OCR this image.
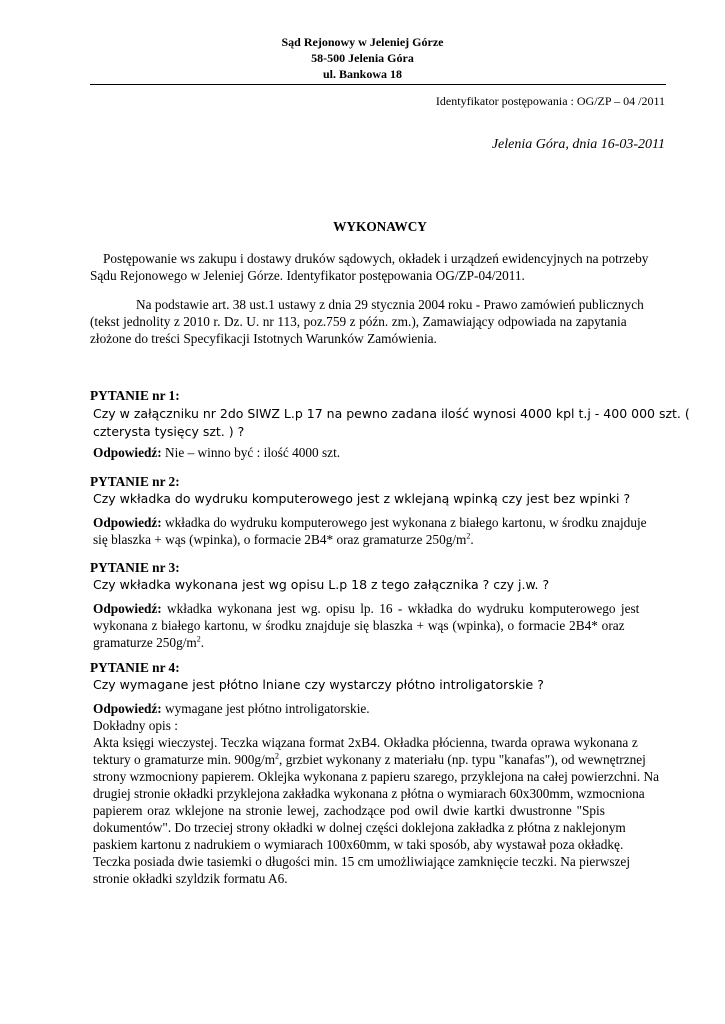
Sąd Rejonowy w Jeleniej Górze
58-500 Jelenia Góra
ul. Bankowa 18
Identyfikator postępowania : OG/ZP – 04 /2011
Jelenia Góra, dnia 16-03-2011
WYKONAWCY
Postępowanie ws zakupu i dostawy druków sądowych, okładek i urządzeń ewidencyjnych na potrzeby
Sądu Rejonowego w Jeleniej Górze. Identyfikator postępowania OG/ZP-04/2011.
Na podstawie art. 38 ust.1 ustawy z dnia 29 stycznia 2004 roku - Prawo zamówień publicznych
(tekst jednolity z 2010 r. Dz. U. nr 113, poz.759 z późn. zm.), Zamawiający odpowiada na zapytania
złożone do treści Specyfikacji Istotnych Warunków Zamówienia.
PYTANIE nr 1:
Czy w załączniku nr 2do SIWZ L.p 17 na pewno zadana ilość wynosi 4000 kpl t.j - 400 000 szt. (
czterysta tysięcy szt. ) ?
Odpowiedź: Nie – winno być : ilość 4000 szt.
PYTANIE nr 2:
Czy wkładka do wydruku komputerowego jest z wklejaną wpinką czy jest bez wpinki ?
Odpowiedź: wkładka do wydruku komputerowego jest wykonana z białego kartonu, w środku znajduje
się blaszka + wąs (wpinka), o formacie 2B4* oraz gramaturze $250g/m^2$.
PYTANIE nr 3:
Czy wkładka wykonana jest wg opisu L.p 18 z tego załącznika ? czy j.w. ?
Odpowiedź: wkładka wykonana jest wg. opisu lp. 16 - wkładka do wydruku komputerowego jest
wykonana z białego kartonu, w środku znajduje się blaszka + wąs (wpinka), o formacie 2B4* oraz
gramaturze $250g/m^2$.
PYTANIE nr 4:
Czy wymagane jest płótno lniane czy wystarczy płótno introligatorskie ?
Odpowiedź: wymagane jest płótno introligatorskie.
Dokładny opis :
Akta księgi wieczystej. Teczka wiązana format 2xB4. Okładka płócienna, twarda oprawa wykonana z
tektury o gramaturze min. $900g/m^2$, grzbiet wykonany z materiału (np. typu "kanafas"), od wewnętrznej
strony wzmocniony papierem. Oklejka wykonana z papieru szarego, przyklejona na całej powierzchni. Na
drugiej stronie okładki przyklejona zakładka wykonana z płótna o wymiarach 60x300mm, wzmocniona
papierem oraz wklejone na stronie lewej, zachodzące pod owil dwie kartki dwustronne "Spis
dokumentów". Do trzeciej strony okładki w dolnej części doklejona zakładka z płótna z naklejonym
paskiem kartonu z nadrukiem o wymiarach 100x60mm, w taki sposób, aby wystawał poza okładkę.
Teczka posiada dwie tasiemki o długości min. 15 cm umożliwiające zamknięcie teczki. Na pierwszej
stronie okładki szyldzik formatu A6.
